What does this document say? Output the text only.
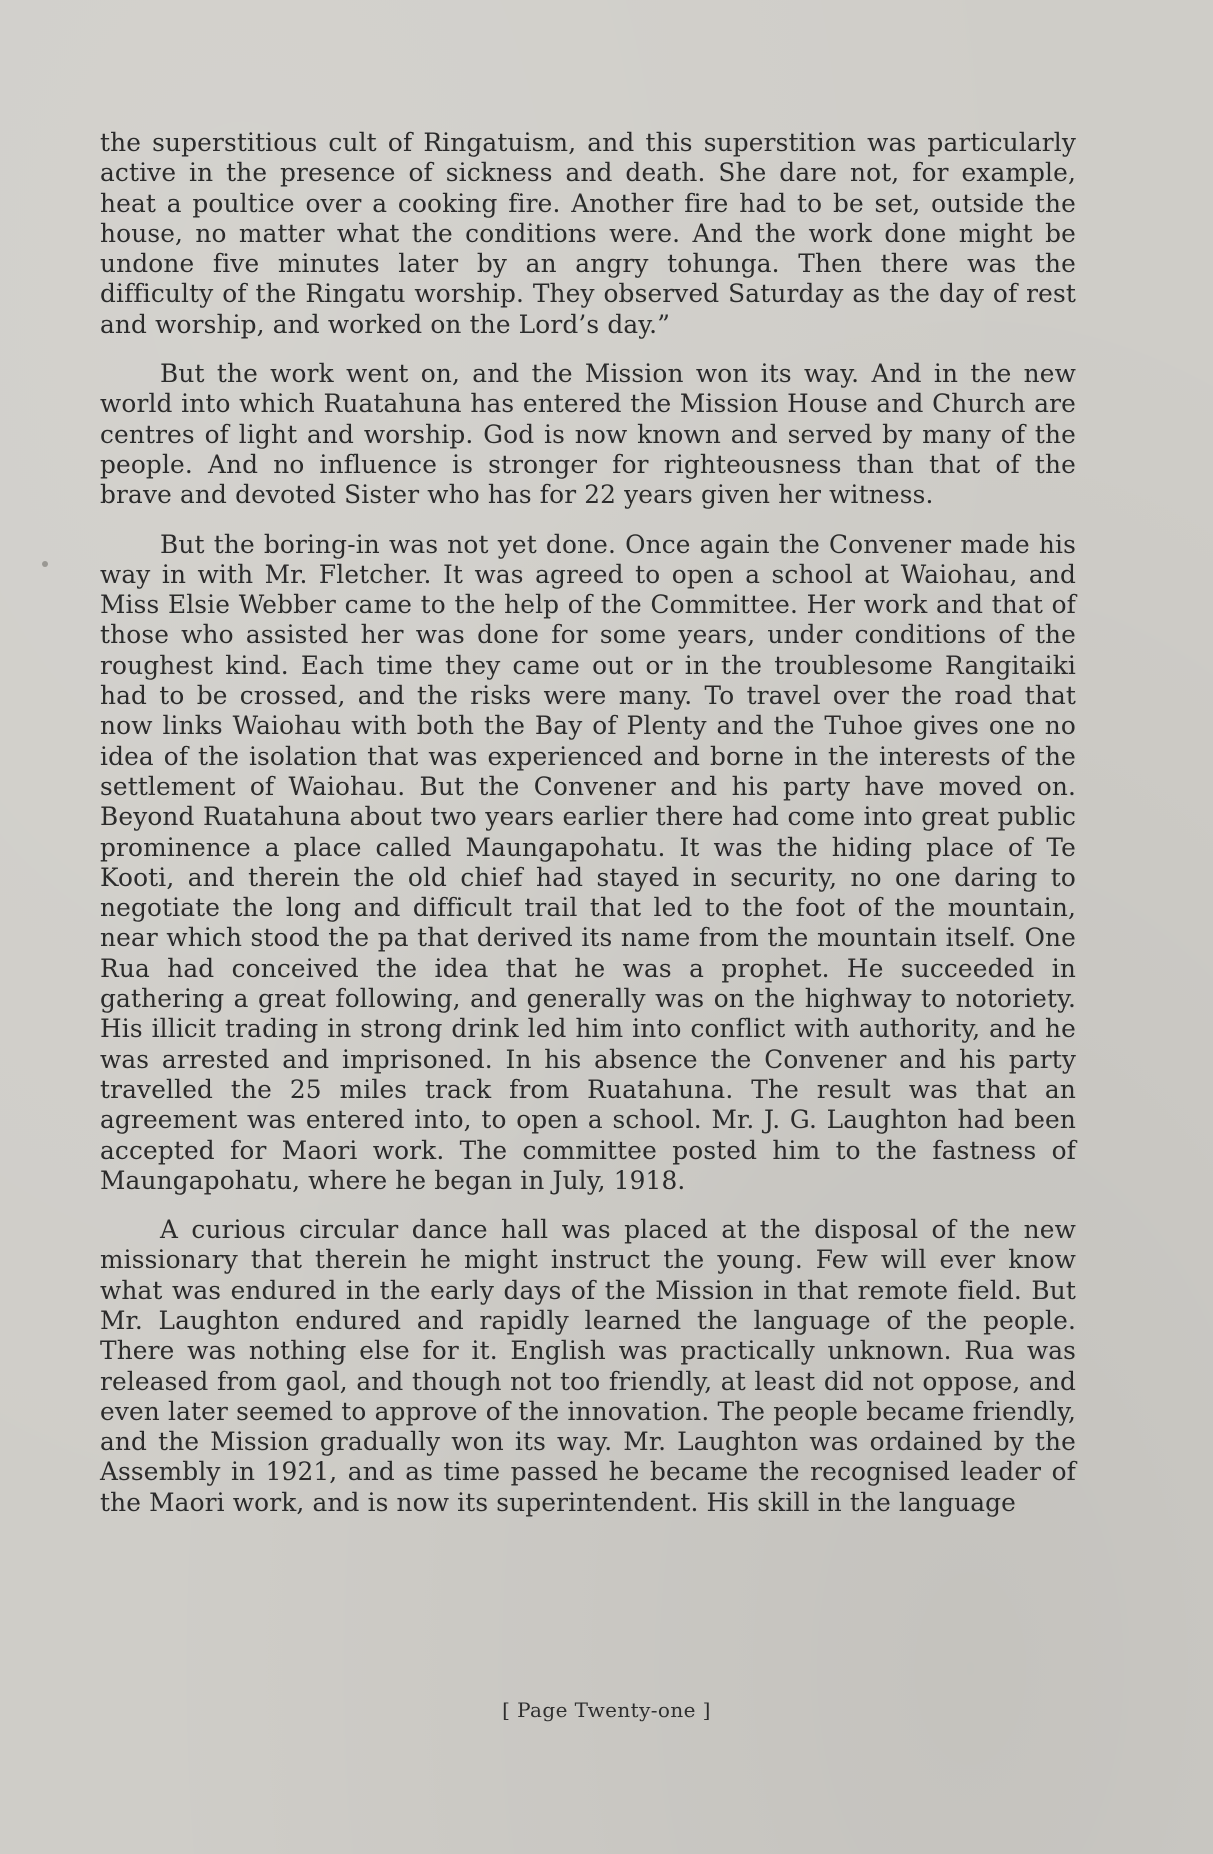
the superstitious cult of Ringatuism, and this superstition was particularly active in the presence of sickness and death. She dare not, for example, heat a poultice over a cooking fire. Another fire had to be set, outside the house, no matter what the conditions were. And the work done might be undone five minutes later by an angry tohunga. Then there was the difficulty of the Ringatu worship. They observed Saturday as the day of rest and worship, and worked on the Lord’s day.”

But the work went on, and the Mission won its way. And in the new world into which Ruatahuna has entered the Mission House and Church are centres of light and worship. God is now known and served by many of the people. And no influence is stronger for righteousness than that of the brave and devoted Sister who has for 22 years given her witness.

But the boring-in was not yet done. Once again the Convener made his way in with Mr. Fletcher. It was agreed to open a school at Waiohau, and Miss Elsie Webber came to the help of the Committee. Her work and that of those who assisted her was done for some years, under conditions of the roughest kind. Each time they came out or in the troublesome Rangitaiki had to be crossed, and the risks were many. To travel over the road that now links Waiohau with both the Bay of Plenty and the Tuhoe gives one no idea of the isolation that was experienced and borne in the interests of the settlement of Waiohau. But the Convener and his party have moved on. Beyond Ruatahuna about two years earlier there had come into great public prominence a place called Maungapohatu. It was the hiding place of Te Kooti, and therein the old chief had stayed in security, no one daring to negotiate the long and difficult trail that led to the foot of the mountain, near which stood the pa that derived its name from the mountain itself. One Rua had conceived the idea that he was a prophet. He succeeded in gathering a great following, and generally was on the highway to notoriety. His illicit trading in strong drink led him into conflict with authority, and he was arrested and imprisoned. In his absence the Convener and his party travelled the 25 miles track from Ruatahuna. The result was that an agreement was entered into, to open a school. Mr. J. G. Laughton had been accepted for Maori work. The committee posted him to the fastness of Maungapohatu, where he began in July, 1918.

A curious circular dance hall was placed at the disposal of the new missionary that therein he might instruct the young. Few will ever know what was endured in the early days of the Mission in that remote field. But Mr. Laughton endured and rapidly learned the language of the people. There was nothing else for it. English was practically unknown. Rua was released from gaol, and though not too friendly, at least did not oppose, and even later seemed to approve of the innovation. The people became friendly, and the Mission gradually won its way. Mr. Laughton was ordained by the Assembly in 1921, and as time passed he became the recognised leader of the Maori work, and is now its superintendent. His skill in the language

[ Page Twenty-one ]
